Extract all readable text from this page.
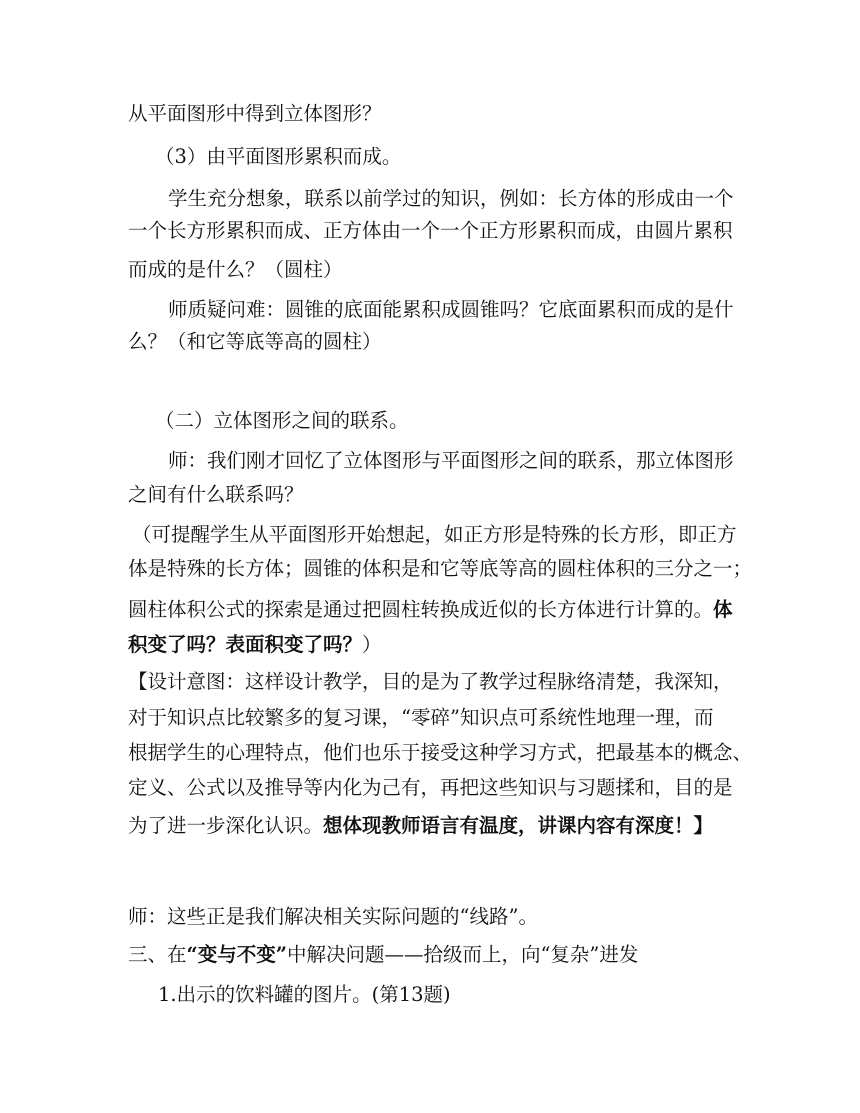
从平面图形中得到立体图形？
（3）由平面图形累积而成。
学生充分想象，联系以前学过的知识，例如：长方体的形成由一个
一个长方形累积而成、正方体由一个一个正方形累积而成，由圆片累积
而成的是什么？（圆柱）
师质疑问难：圆锥的底面能累积成圆锥吗？它底面累积而成的是什
么？（和它等底等高的圆柱）
（二）立体图形之间的联系。
师：我们刚才回忆了立体图形与平面图形之间的联系，那立体图形
之间有什么联系吗？
（可提醒学生从平面图形开始想起，如正方形是特殊的长方形，即正方
体是特殊的长方体；圆锥的体积是和它等底等高的圆柱体积的三分之一；
圆柱体积公式的探索是通过把圆柱转换成近似的长方体进行计算的。体
积变了吗？表面积变了吗？）
【设计意图：这样设计教学，目的是为了教学过程脉络清楚，我深知，
对于知识点比较繁多的复习课，“零碎”知识点可系统性地理一理，而
根据学生的心理特点，他们也乐于接受这种学习方式，把最基本的概念、
定义、公式以及推导等内化为己有，再把这些知识与习题揉和，目的是
为了进一步深化认识。想体现教师语言有温度，讲课内容有深度！】
师：这些正是我们解决相关实际问题的“线路”。
三、在“变与不变”中解决问题——拾级而上，向“复杂”进发
1.出示的饮料罐的图片。(第13题)
